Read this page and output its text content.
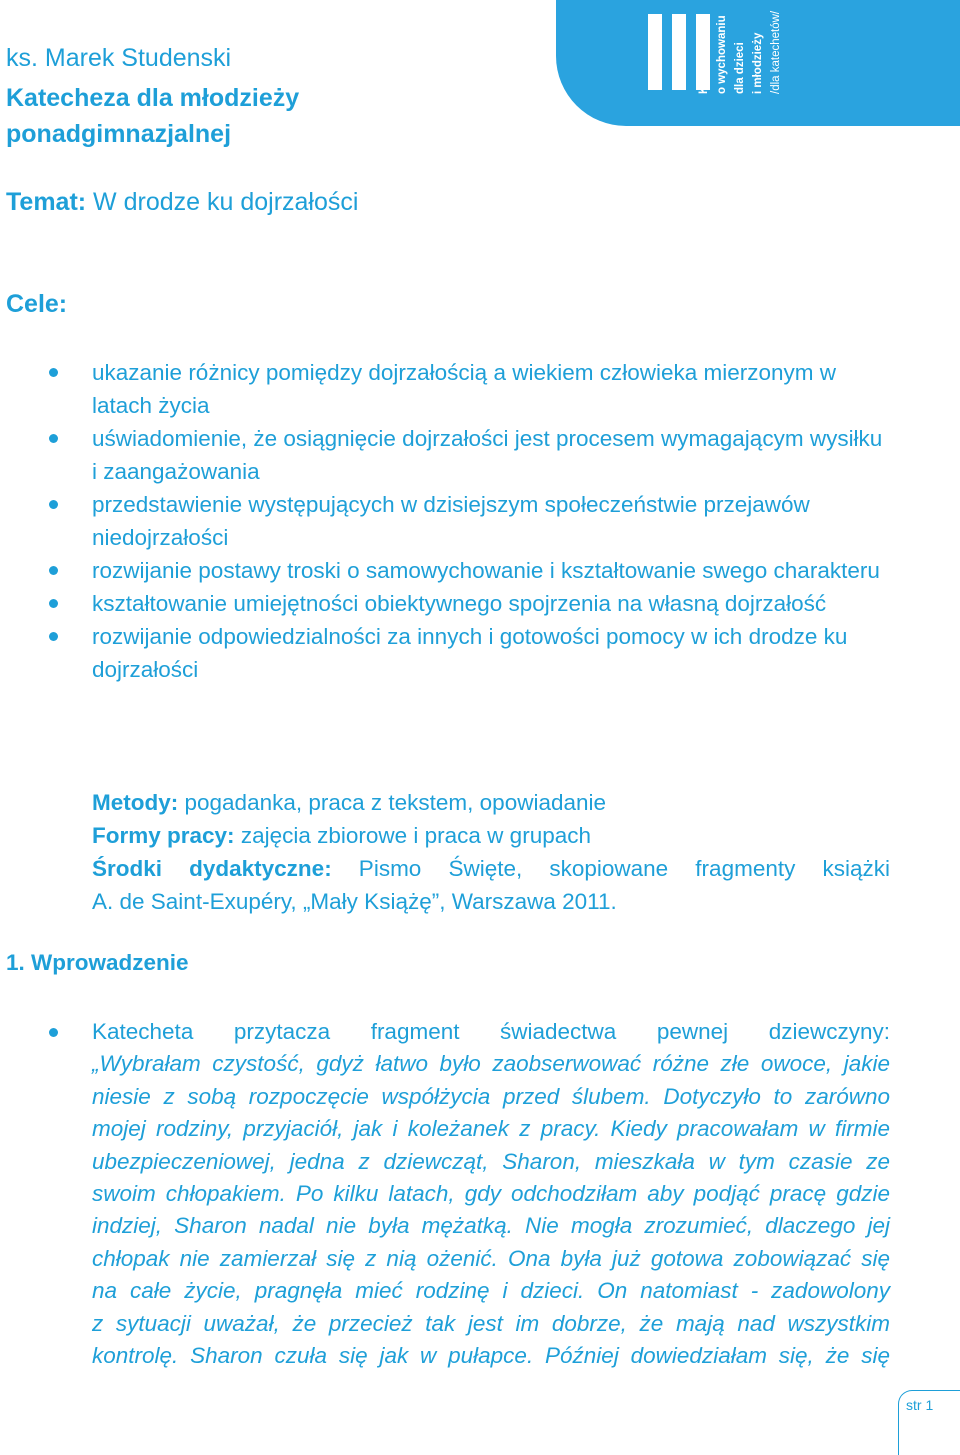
Katechezy o wychowaniu dla dzieci i młodzieży /dla katechetów/
ks. Marek Studenski
Katecheza dla młodzieży
ponadgimnazjalnej
Temat: W drodze ku dojrzałości
Cele:
ukazanie różnicy pomiędzy dojrzałością a wiekiem człowieka mierzonym w latach życia
uświadomienie, że osiągnięcie dojrzałości jest procesem wymagającym wysiłku i zaangażowania
przedstawienie występujących w dzisiejszym społeczeństwie przejawów niedojrzałości
rozwijanie postawy troski o samowychowanie i kształtowanie swego charakteru
kształtowanie umiejętności obiektywnego spojrzenia na własną dojrzałość
rozwijanie odpowiedzialności za innych i gotowości pomocy w ich drodze ku dojrzałości
Metody: pogadanka, praca z tekstem, opowiadanie
Formy pracy: zajęcia zbiorowe i praca w grupach
Środki dydaktyczne: Pismo Święte, skopiowane fragmenty książki
A. de Saint-Exupéry, „Mały Książę”, Warszawa 2011.
1. Wprowadzenie
Katecheta przytacza fragment świadectwa pewnej dziewczyny:
„Wybrałam czystość, gdyż łatwo było zaobserwować różne złe owoce, jakie
niesie z sobą rozpoczęcie współżycia przed ślubem. Dotyczyło to zarówno
mojej rodziny, przyjaciół, jak i koleżanek z pracy. Kiedy pracowałam w firmie
ubezpieczeniowej, jedna z dziewcząt, Sharon, mieszkała w tym czasie ze
swoim chłopakiem. Po kilku latach, gdy odchodziłam aby podjąć pracę gdzie
indziej, Sharon nadal nie była mężatką. Nie mogła zrozumieć, dlaczego jej
chłopak nie zamierzał się z nią ożenić. Ona była już gotowa zobowiązać się
na całe życie, pragnęła mieć rodzinę i dzieci. On natomiast - zadowolony
z sytuacji uważał, że przecież tak jest im dobrze, że mają nad wszystkim
kontrolę. Sharon czuła się jak w pułapce. Później dowiedziałam się, że się
str 1
